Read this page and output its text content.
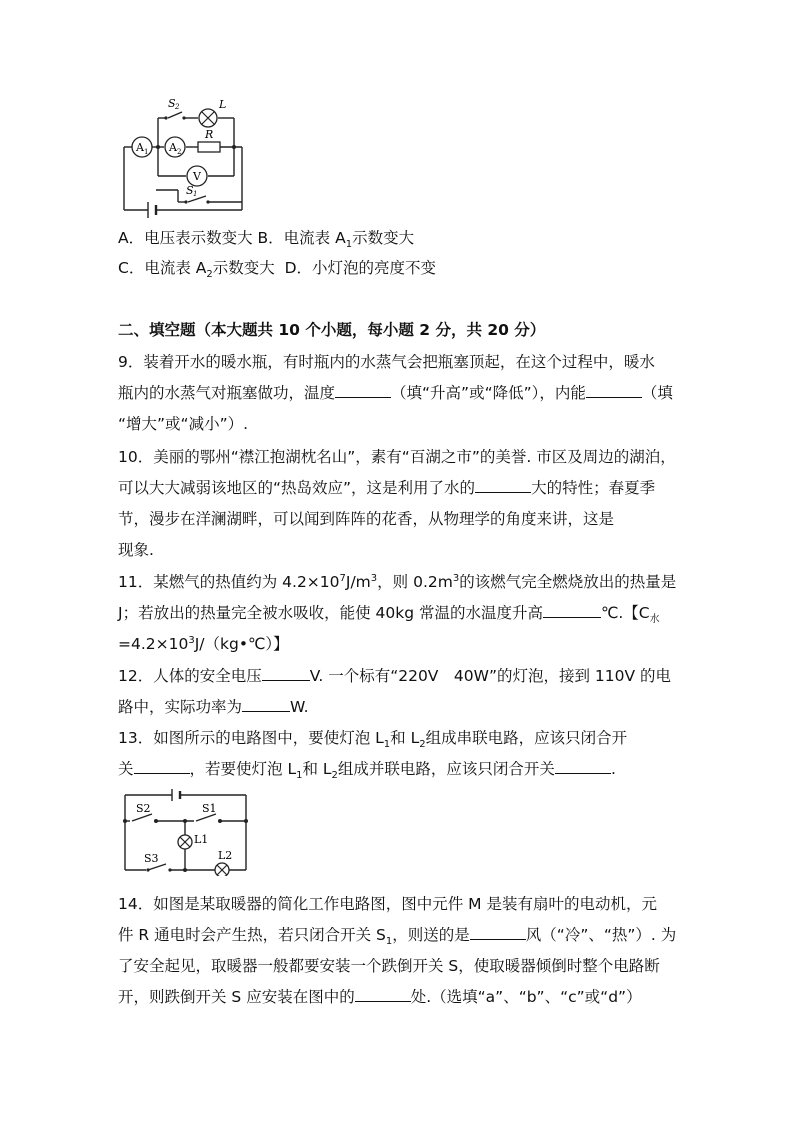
S 2	L
R
A 1 A 2
V
S 1
A．电压表示数变大 B．电流表 $A_1$示数变大
C．电流表 $A_2$示数变大 D．小灯泡的亮度不变
二、填空题（本大题共 10 个小题，每小题 2 分，共 20 分）
9．装着开水的暖水瓶，有时瓶内的水蒸气会把瓶塞顶起，在这个过程中，暖水
瓶内的水蒸气对瓶塞做功，温度	（填“升高”或“降低”），内能	（填
“增大”或“减小”）.
10．美丽的鄂州“襟江抱湖枕名山”，素有“百湖之市”的美誉. 市区及周边的湖泊，
可以大大减弱该地区的“热岛效应”，这是利用了水的	大的特性；春夏季
节，漫步在洋澜湖畔，可以闻到阵阵的花香，从物理学的角度来讲，这是
现象.
11．某燃气的热值约为 $4.2\times 10^7J/m^3$，则 $0.2m^3$的该燃气完全燃烧放出的热量是
J；若放出的热量完全被水吸收，能使 40kg 常温的水温度升高	℃.【$C_水$
$=4.2\times 10^3J/(kg•℃)$】
12．人体的安全电压	V. 一个标有“220V　40W”的灯泡，接到 110V 的电
路中，实际功率为	W.
13．如图所示的电路图中，要使灯泡 $L_1$和 $L_2$组成串联电路，应该只闭合开
关	，若要使灯泡 $L_1$和 $L_2$组成并联电路，应该只闭合开关	.
S2	S1
L1
S3	L2
14．如图是某取暖器的简化工作电路图，图中元件 M 是装有扇叶的电动机，元
件 R 通电时会产生热，若只闭合开关 $S_1$，则送的是	风（“冷”、“热”）. 为
了安全起见，取暖器一般都要安装一个跌倒开关 S，使取暖器倾倒时整个电路断
开，则跌倒开关 S 应安装在图中的	处.（选填“a”、“b”、“c”或“d”）
